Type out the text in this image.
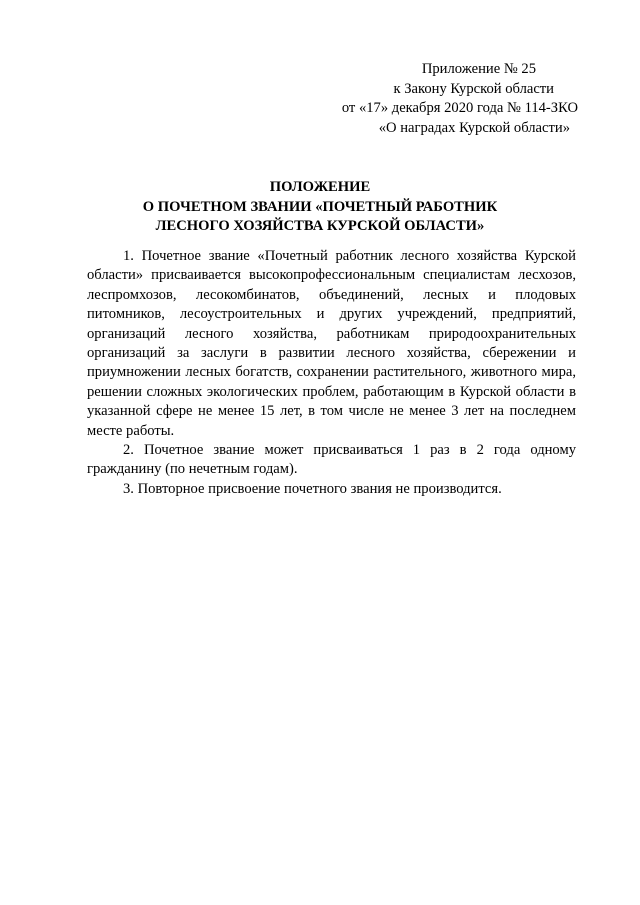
Приложение № 25
к Закону Курской области
от «17» декабря 2020 года № 114-ЗКО
«О наградах Курской области»
ПОЛОЖЕНИЕ
О ПОЧЕТНОМ ЗВАНИИ «ПОЧЕТНЫЙ РАБОТНИК
ЛЕСНОГО ХОЗЯЙСТВА КУРСКОЙ ОБЛАСТИ»

1. Почетное звание «Почетный работник лесного хозяйства Курской области» присваивается высокопрофессиональным специалистам лесхозов, леспромхозов, лесокомбинатов, объединений, лесных и плодовых питомников, лесоустроительных и других учреждений, предприятий, организаций лесного хозяйства, работникам природоохранительных организаций за заслуги в развитии лесного хозяйства, сбережении и приумножении лесных богатств, сохранении растительного, животного мира, решении сложных экологических проблем, работающим в Курской области в указанной сфере не менее 15 лет, в том числе не менее 3 лет на последнем месте работы.

2. Почетное звание может присваиваться 1 раз в 2 года одному гражданину (по нечетным годам).

3. Повторное присвоение почетного звания не производится.
